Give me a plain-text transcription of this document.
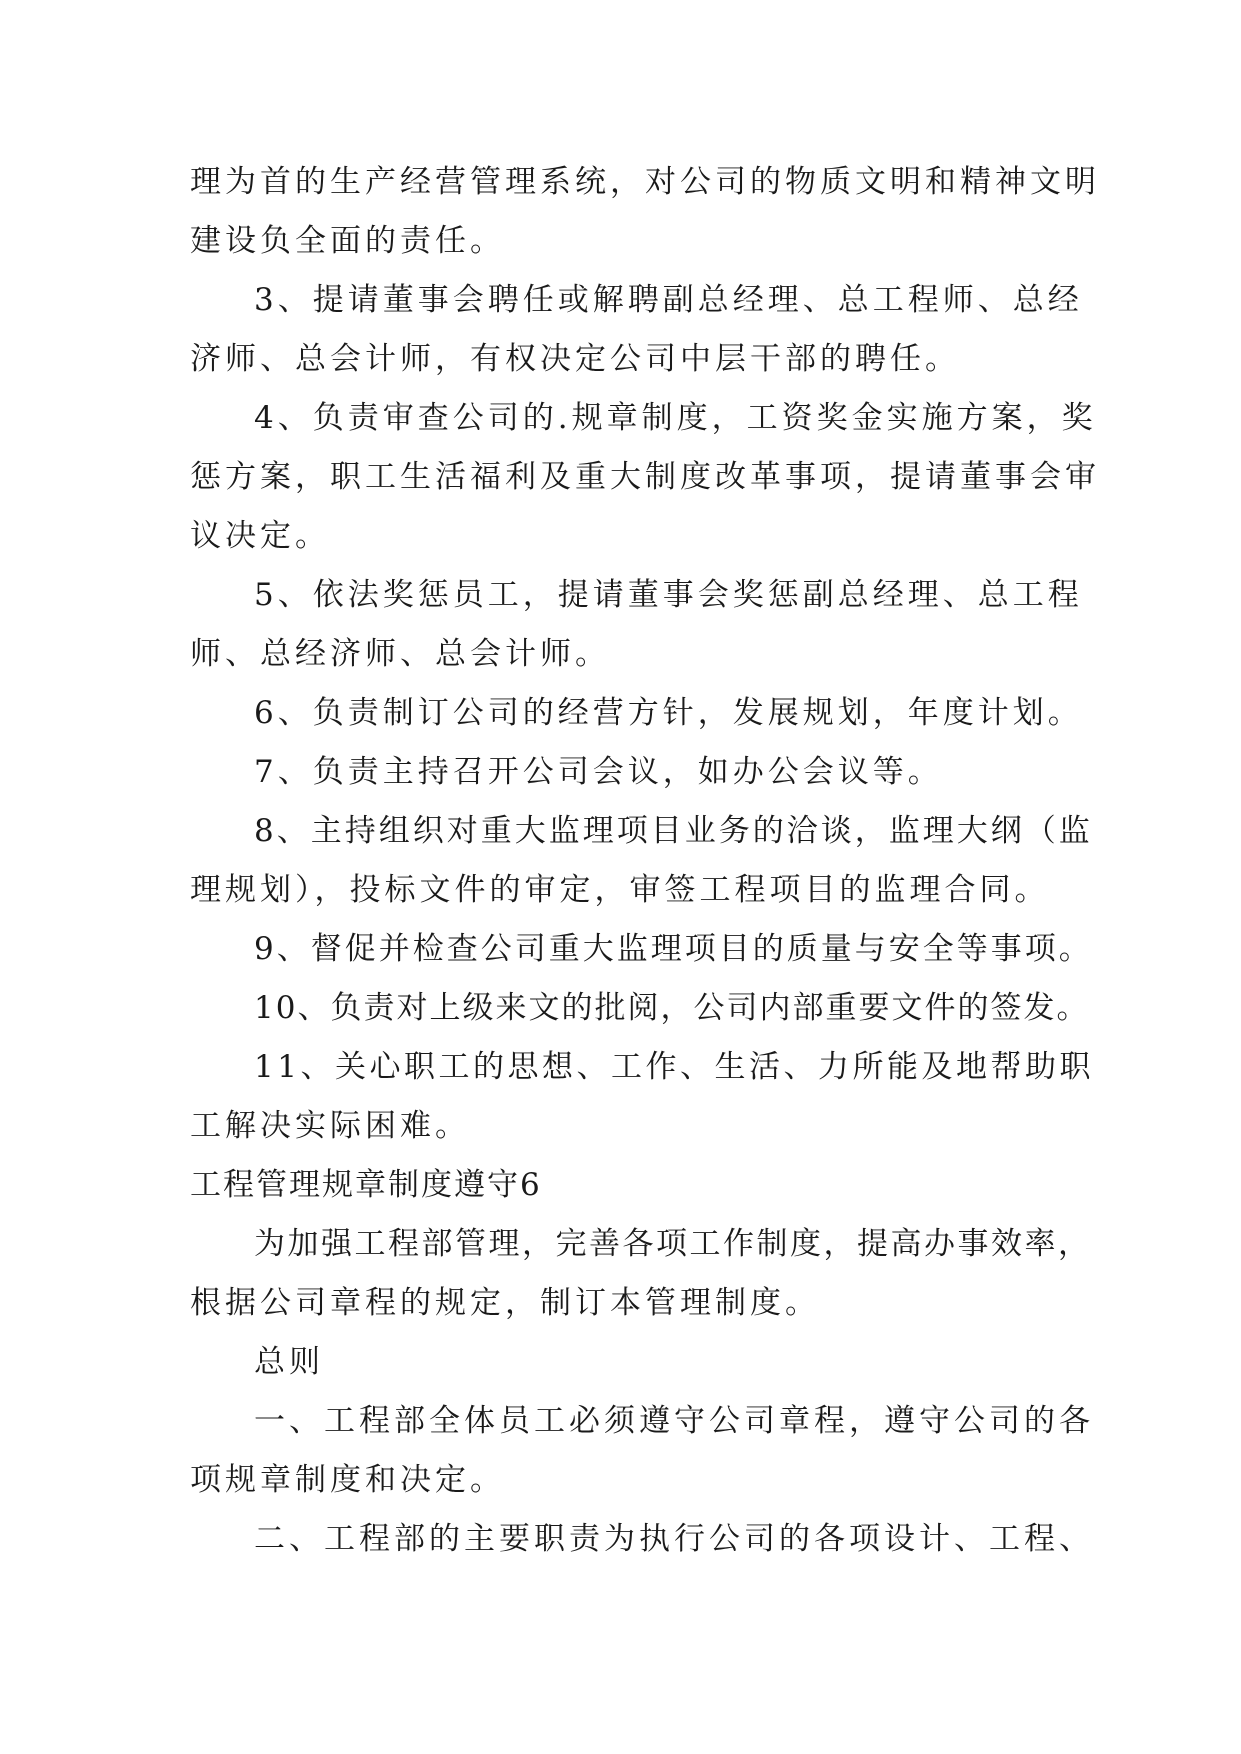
理为首的生产经营管理系统，对公司的物质文明和精神文明
建设负全面的责任。
3、提请董事会聘任或解聘副总经理、总工程师、总经
济师、总会计师，有权决定公司中层干部的聘任。
4、负责审查公司的.规章制度，工资奖金实施方案，奖
惩方案，职工生活福利及重大制度改革事项，提请董事会审
议决定。
5、依法奖惩员工，提请董事会奖惩副总经理、总工程
师、总经济师、总会计师。
6、负责制订公司的经营方针，发展规划，年度计划。
7、负责主持召开公司会议，如办公会议等。
8、主持组织对重大监理项目业务的洽谈，监理大纲（监
理规划），投标文件的审定，审签工程项目的监理合同。
9、督促并检查公司重大监理项目的质量与安全等事项。
10、负责对上级来文的批阅，公司内部重要文件的签发。
11、关心职工的思想、工作、生活、力所能及地帮助职
工解决实际困难。
工程管理规章制度遵守6
为加强工程部管理，完善各项工作制度，提高办事效率，
根据公司章程的规定，制订本管理制度。
总则
一、工程部全体员工必须遵守公司章程，遵守公司的各
项规章制度和决定。
二、工程部的主要职责为执行公司的各项设计、工程、
